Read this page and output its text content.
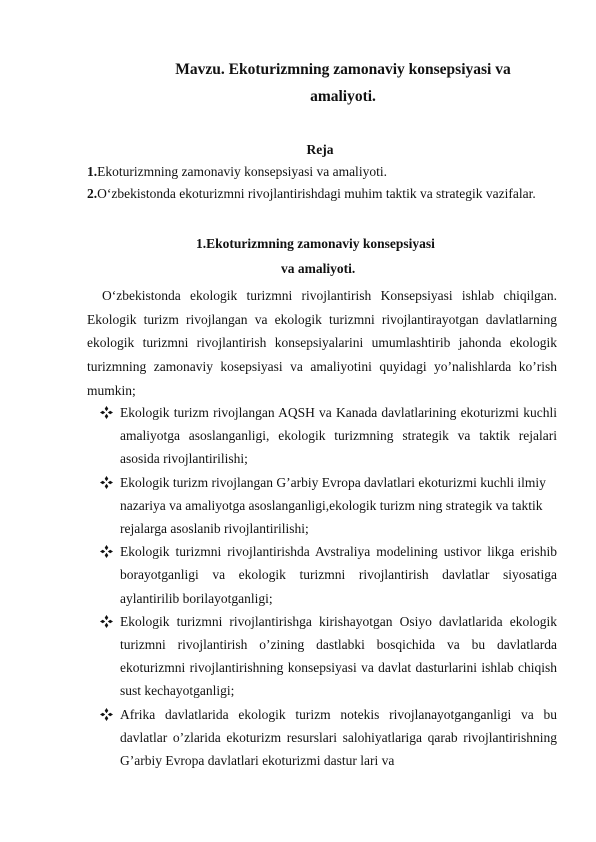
Mavzu. Ekoturizmning zamonaviy konsepsiyasi va
amaliyoti.
Reja
1.Ekoturizmning zamonaviy konsepsiyasi va amaliyoti.
2.O‘zbekistonda ekoturizmni rivojlantirishdagi muhim taktik va strategik vazifalar.
1.Ekoturizmning zamonaviy konsepsiyasi
va amaliyoti.

O‘zbekistonda ekologik turizmni rivojlantirish Konsepsiyasi ishlab chiqilgan. Ekologik turizm rivojlangan va ekologik turizmni rivojlantirayotgan davlatlarning ekologik turizmni rivojlantirish konsepsiyalarini umumlashtirib jahonda ekologik turizmning zamonaviy kosepsiyasi va amaliyotini quyidagi yo’nalishlarda ko’rish mumkin;

Ekologik turizm rivojlangan AQSH va Kanada davlatlarining ekoturizmi kuchli amaliyotga asoslanganligi, ekologik turizmning strategik va taktik rejalari asosida rivojlantirilishi;
Ekologik turizm rivojlangan G’arbiy Evropa davlatlari ekoturizmi kuchli ilmiy nazariya va amaliyotga asoslanganligi,ekologik turizm ning strategik va taktik rejalarga asoslanib rivojlantirilishi;
Ekologik turizmni rivojlantirishda Avstraliya modelining ustivor likga erishib borayotganligi va ekologik turizmni rivojlantirish davlatlar siyosatiga aylantirilib borilayotganligi;
Ekologik turizmni rivojlantirishga kirishayotgan Osiyo davlatlarida ekologik turizmni rivojlantirish o’zining dastlabki bosqichida va bu davlatlarda ekoturizmni rivojlantirishning konsepsiyasi va davlat dasturlarini ishlab chiqish sust kechayotganligi;
Afrika davlatlarida ekologik turizm notekis rivojlanayotganganligi va bu davlatlar o’zlarida ekoturizm resurslari salohiyatlariga qarab rivojlantirishning G’arbiy Evropa davlatlari ekoturizmi dastur lari va
